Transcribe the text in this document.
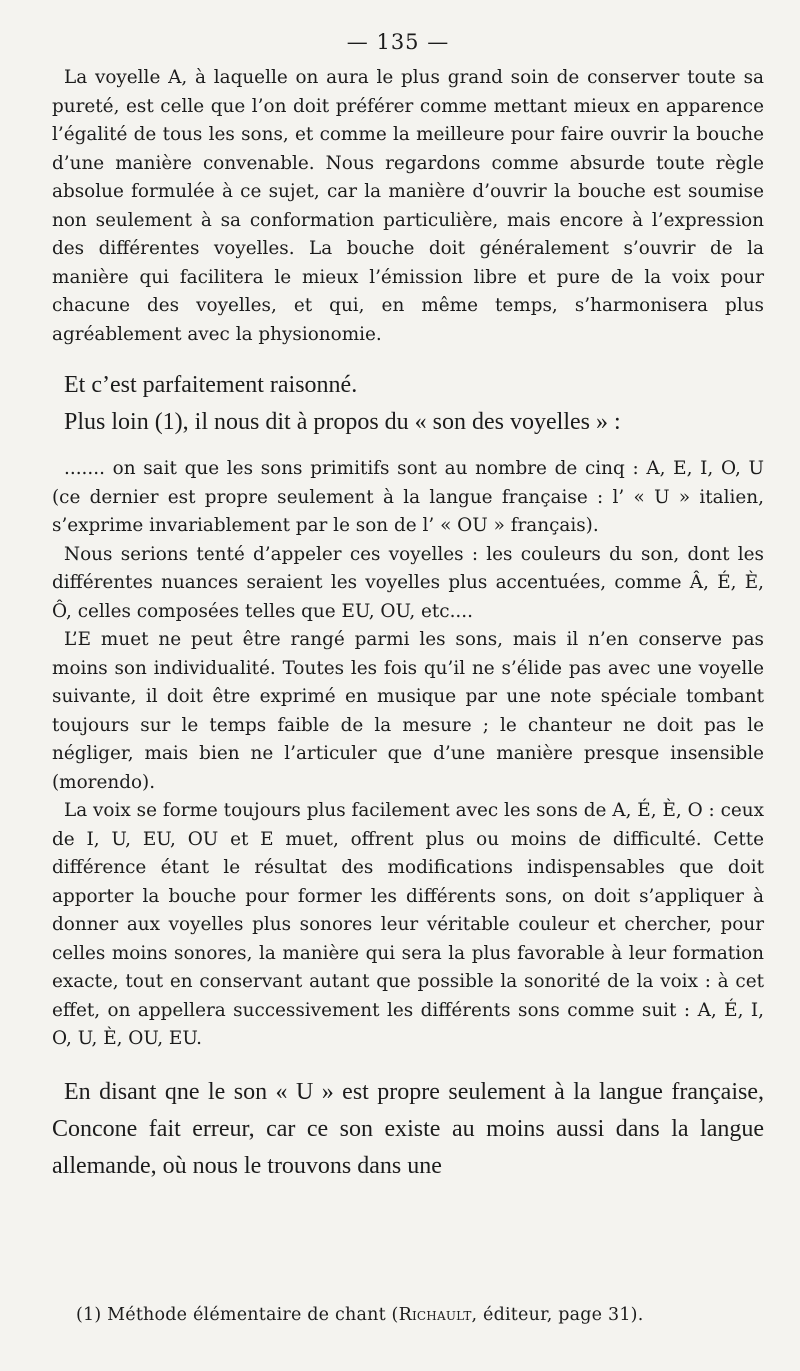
— 135 —

La voyelle A, à laquelle on aura le plus grand soin de conserver toute sa pureté, est celle que l’on doit préférer comme mettant mieux en apparence l’égalité de tous les sons, et comme la meilleure pour faire ouvrir la bouche d’une manière convenable. Nous regardons comme absurde toute règle absolue formulée à ce sujet, car la manière d’ouvrir la bouche est soumise non seulement à sa conformation particulière, mais encore à l’expression des différentes voyelles. La bouche doit généralement s’ouvrir de la manière qui facilitera le mieux l’émission libre et pure de la voix pour chacune des voyelles, et qui, en même temps, s’harmonisera plus agréablement avec la physionomie.

Et c’est parfaitement raisonné.

Plus loin (1), il nous dit à propos du « son des voyelles » :

....... on sait que les sons primitifs sont au nombre de cinq : A, E, I, O, U (ce dernier est propre seulement à la langue française : l’ « U » italien, s’exprime invariablement par le son de l’ « OU » français).

Nous serions tenté d’appeler ces voyelles : les couleurs du son, dont les différentes nuances seraient les voyelles plus accentuées, comme Â, É, È, Ô, celles composées telles que EU, OU, etc....

L’E muet ne peut être rangé parmi les sons, mais il n’en conserve pas moins son individualité. Toutes les fois qu’il ne s’élide pas avec une voyelle suivante, il doit être exprimé en musique par une note spéciale tombant toujours sur le temps faible de la mesure ; le chanteur ne doit pas le négliger, mais bien ne l’articuler que d’une manière presque insensible (morendo).

La voix se forme toujours plus facilement avec les sons de A, É, È, O : ceux de I, U, EU, OU et E muet, offrent plus ou moins de difficulté. Cette différence étant le résultat des modifications indispensables que doit apporter la bouche pour former les différents sons, on doit s’appliquer à donner aux voyelles plus sonores leur véritable couleur et chercher, pour celles moins sonores, la manière qui sera la plus favorable à leur formation exacte, tout en conservant autant que possible la sonorité de la voix : à cet effet, on appellera successivement les différents sons comme suit : A, É, I, O, U, È, OU, EU.

En disant qne le son « U » est propre seulement à la langue française, Concone fait erreur, car ce son existe au moins aussi dans la langue allemande, où nous le trouvons dans une

(1) Méthode élémentaire de chant (Richault, éditeur, page 31).
